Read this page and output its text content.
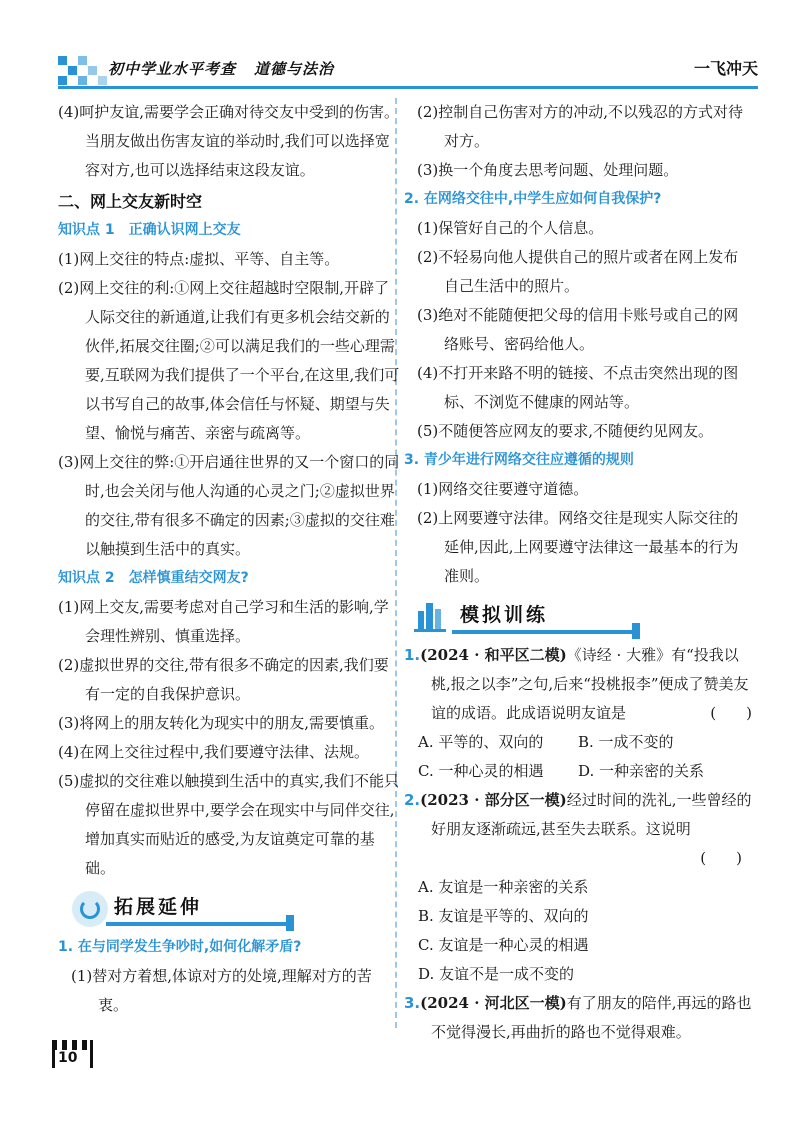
初中学业水平考查 道德与法治	一飞冲天

(4)呵护友谊,需要学会正确对待交友中受到的伤害。当朋友做出伤害友谊的举动时,我们可以选择宽容对方,也可以选择结束这段友谊。

二、网上交友新时空

知识点 1　正确认识网上交友

(1)网上交往的特点:虚拟、平等、自主等。

(2)网上交往的利:①网上交往超越时空限制,开辟了人际交往的新通道,让我们有更多机会结交新的伙伴,拓展交往圈;②可以满足我们的一些心理需要,互联网为我们提供了一个平台,在这里,我们可以书写自己的故事,体会信任与怀疑、期望与失望、愉悦与痛苦、亲密与疏离等。

(3)网上交往的弊:①开启通往世界的又一个窗口的同时,也会关闭与他人沟通的心灵之门;②虚拟世界的交往,带有很多不确定的因素;③虚拟的交往难以触摸到生活中的真实。

知识点 2　怎样慎重结交网友?

(1)网上交友,需要考虑对自己学习和生活的影响,学会理性辨别、慎重选择。

(2)虚拟世界的交往,带有很多不确定的因素,我们要有一定的自我保护意识。

(3)将网上的朋友转化为现实中的朋友,需要慎重。

(4)在网上交往过程中,我们要遵守法律、法规。

(5)虚拟的交往难以触摸到生活中的真实,我们不能只停留在虚拟世界中,要学会在现实中与同伴交往,增加真实而贴近的感受,为友谊奠定可靠的基础。

拓展延伸

1. 在与同学发生争吵时,如何化解矛盾?

(1)替对方着想,体谅对方的处境,理解对方的苦衷。

(2)控制自己伤害对方的冲动,不以残忍的方式对待对方。

(3)换一个角度去思考问题、处理问题。

2. 在网络交往中,中学生应如何自我保护?

(1)保管好自己的个人信息。

(2)不轻易向他人提供自己的照片或者在网上发布自己生活中的照片。

(3)绝对不能随便把父母的信用卡账号或自己的网络账号、密码给他人。

(4)不打开来路不明的链接、不点击突然出现的图标、不浏览不健康的网站等。

(5)不随便答应网友的要求,不随便约见网友。

3. 青少年进行网络交往应遵循的规则

(1)网络交往要遵守道德。

(2)上网要遵守法律。网络交往是现实人际交往的延伸,因此,上网要遵守法律这一最基本的行为准则。

模拟训练

1.(2024 · 和平区二模)《诗经 · 大雅》有“投我以桃,报之以李”之句,后来“投桃报李”便成了赞美友谊的成语。此成语说明友谊是	(　　)

A. 平等的、双向的	B. 一成不变的
C. 一种心灵的相遇	D. 一种亲密的关系

2.(2023 · 部分区一模)经过时间的洗礼,一些曾经的好朋友逐渐疏远,甚至失去联系。这说明

(　　)

A. 友谊是一种亲密的关系

B. 友谊是平等的、双向的

C. 友谊是一种心灵的相遇

D. 友谊不是一成不变的

3.(2024 · 河北区一模)有了朋友的陪伴,再远的路也不觉得漫长,再曲折的路也不觉得艰难。

10
